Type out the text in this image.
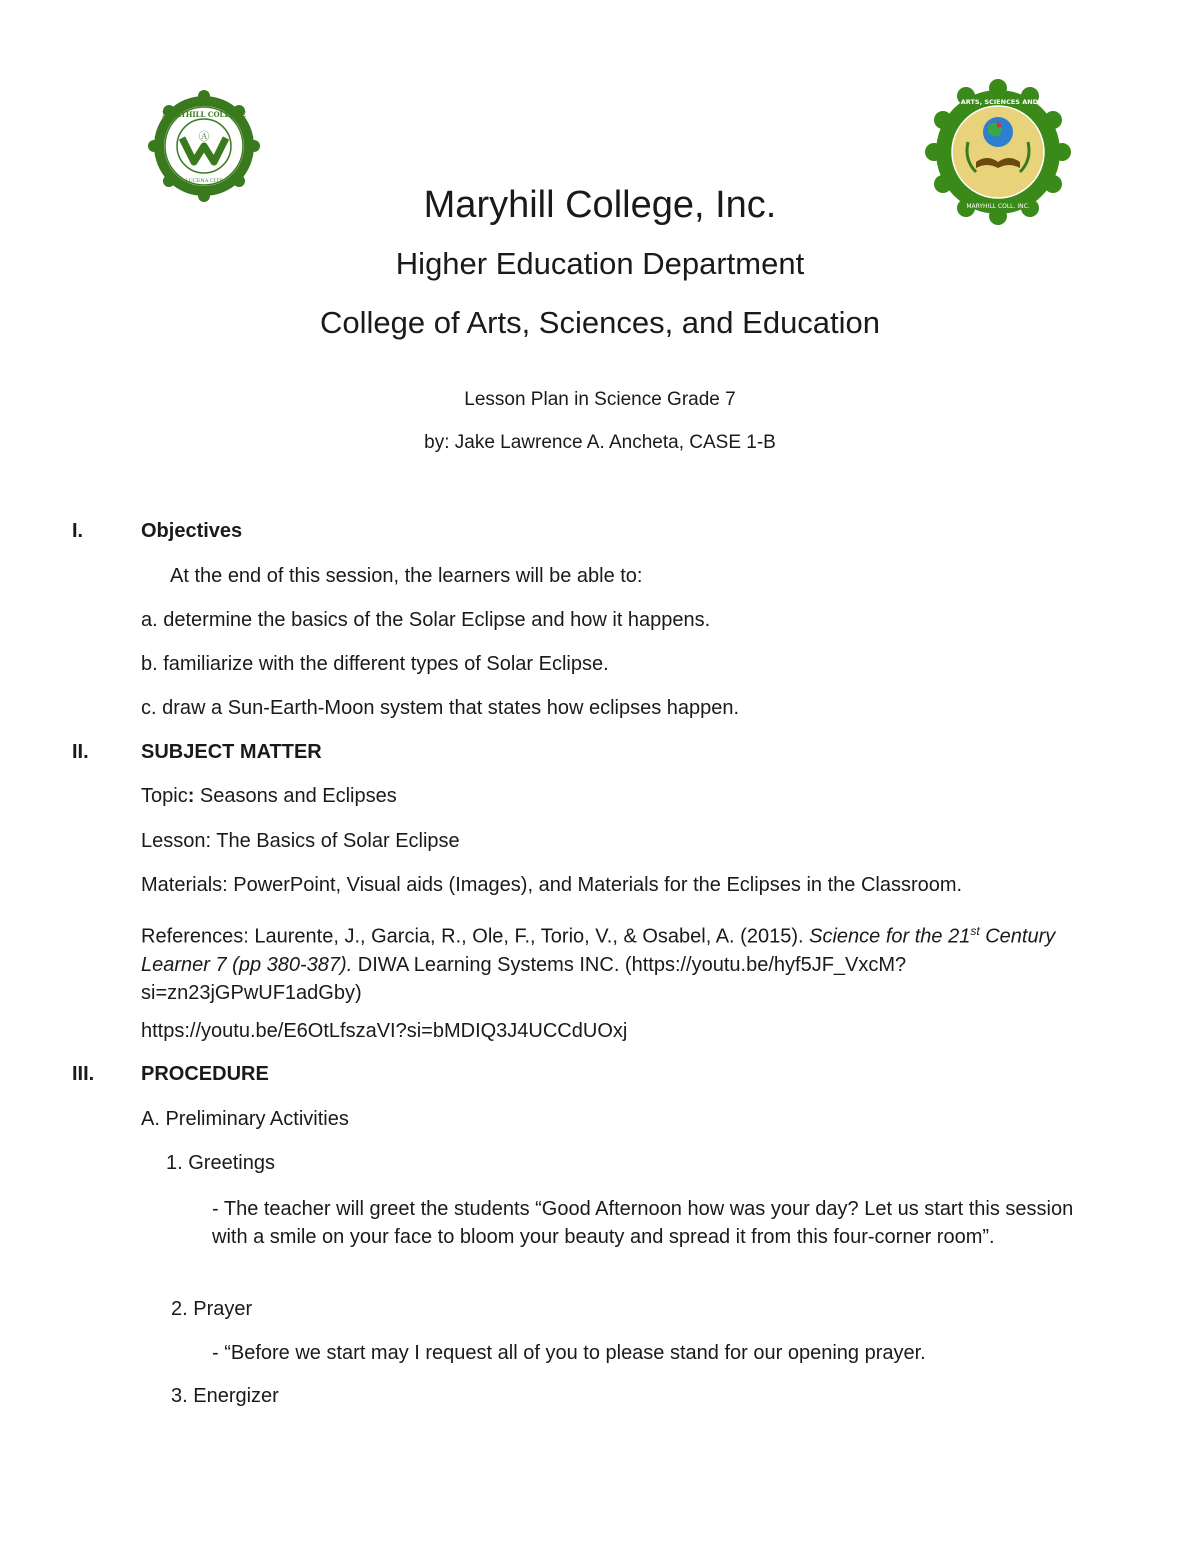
Ⓐ
MARYHILL COLLEGE
LUCENA CITY
COLLEGE OF ARTS, SCIENCES AND EDUCATION
MARYHILL COLL. INC.
Maryhill College, Inc.
Higher Education Department
College of Arts, Sciences, and Education
Lesson Plan in Science Grade 7
by: Jake Lawrence A. Ancheta, CASE 1-B
I.	Objectives
At the end of this session, the learners will be able to:
a. determine the basics of the Solar Eclipse and how it happens.
b. familiarize with the different types of Solar Eclipse.
c. draw a Sun-Earth-Moon system that states how eclipses happen.
II.	SUBJECT MATTER
Topic: Seasons and Eclipses
Lesson: The Basics of Solar Eclipse
Materials: PowerPoint, Visual aids (Images), and Materials for the Eclipses in the Classroom.
References: Laurente, J., Garcia, R., Ole, F., Torio, V., & Osabel, A. (2015). Science for the 21st Century Learner 7 (pp 380-387). DIWA Learning Systems INC. (https://youtu.be/hyf5JF_VxcM?si=zn23jGPwUF1adGby)
https://youtu.be/E6OtLfszaVI?si=bMDIQ3J4UCCdUOxj
III. PROCEDURE
A. Preliminary Activities
1. Greetings
- The teacher will greet the students “Good Afternoon how was your day? Let us start this session with a smile on your face to bloom your beauty and spread it from this four-corner room”.
2. Prayer
- “Before we start may I request all of you to please stand for our opening prayer.
3. Energizer
